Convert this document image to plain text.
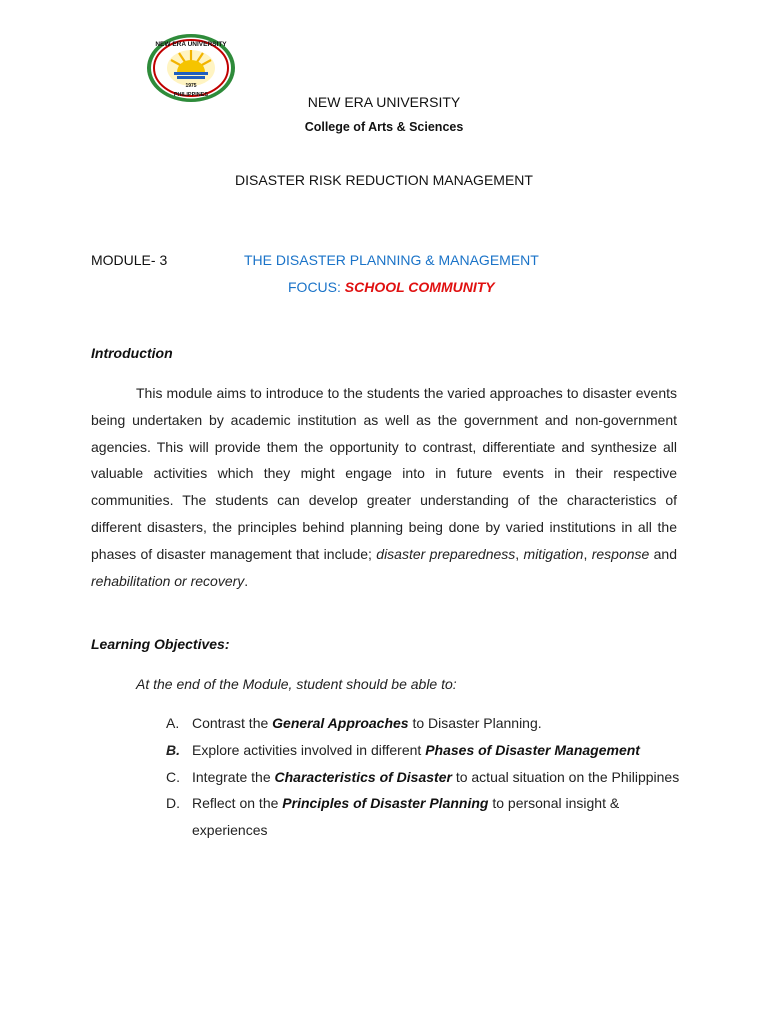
NEW ERA UNIVERSITY
1975
PHILIPPINES	NEW ERA UNIVERSITY
College of Arts & Sciences
DISASTER RISK REDUCTION MANAGEMENT
MODULE- 3	THE DISASTER PLANNING & MANAGEMENT
FOCUS: SCHOOL COMMUNITY
Introduction

This module aims to introduce to the students the varied approaches to disaster events being undertaken by academic institution as well as the government and non-government agencies. This will provide them the opportunity to contrast, differentiate and synthesize all valuable activities which they might engage into in future events in their respective communities. The students can develop greater understanding of the characteristics of different disasters, the principles behind planning being done by varied institutions in all the phases of disaster management that include; disaster preparedness, mitigation, response and rehabilitation or recovery.

Learning Objectives:
At the end of the Module, student should be able to:
A. Contrast the General Approaches to Disaster Planning.
B. Explore activities involved in different Phases of Disaster Management
C. Integrate the Characteristics of Disaster to actual situation on the Philippines
D. Reflect on the Principles of Disaster Planning to personal insight & experiences
